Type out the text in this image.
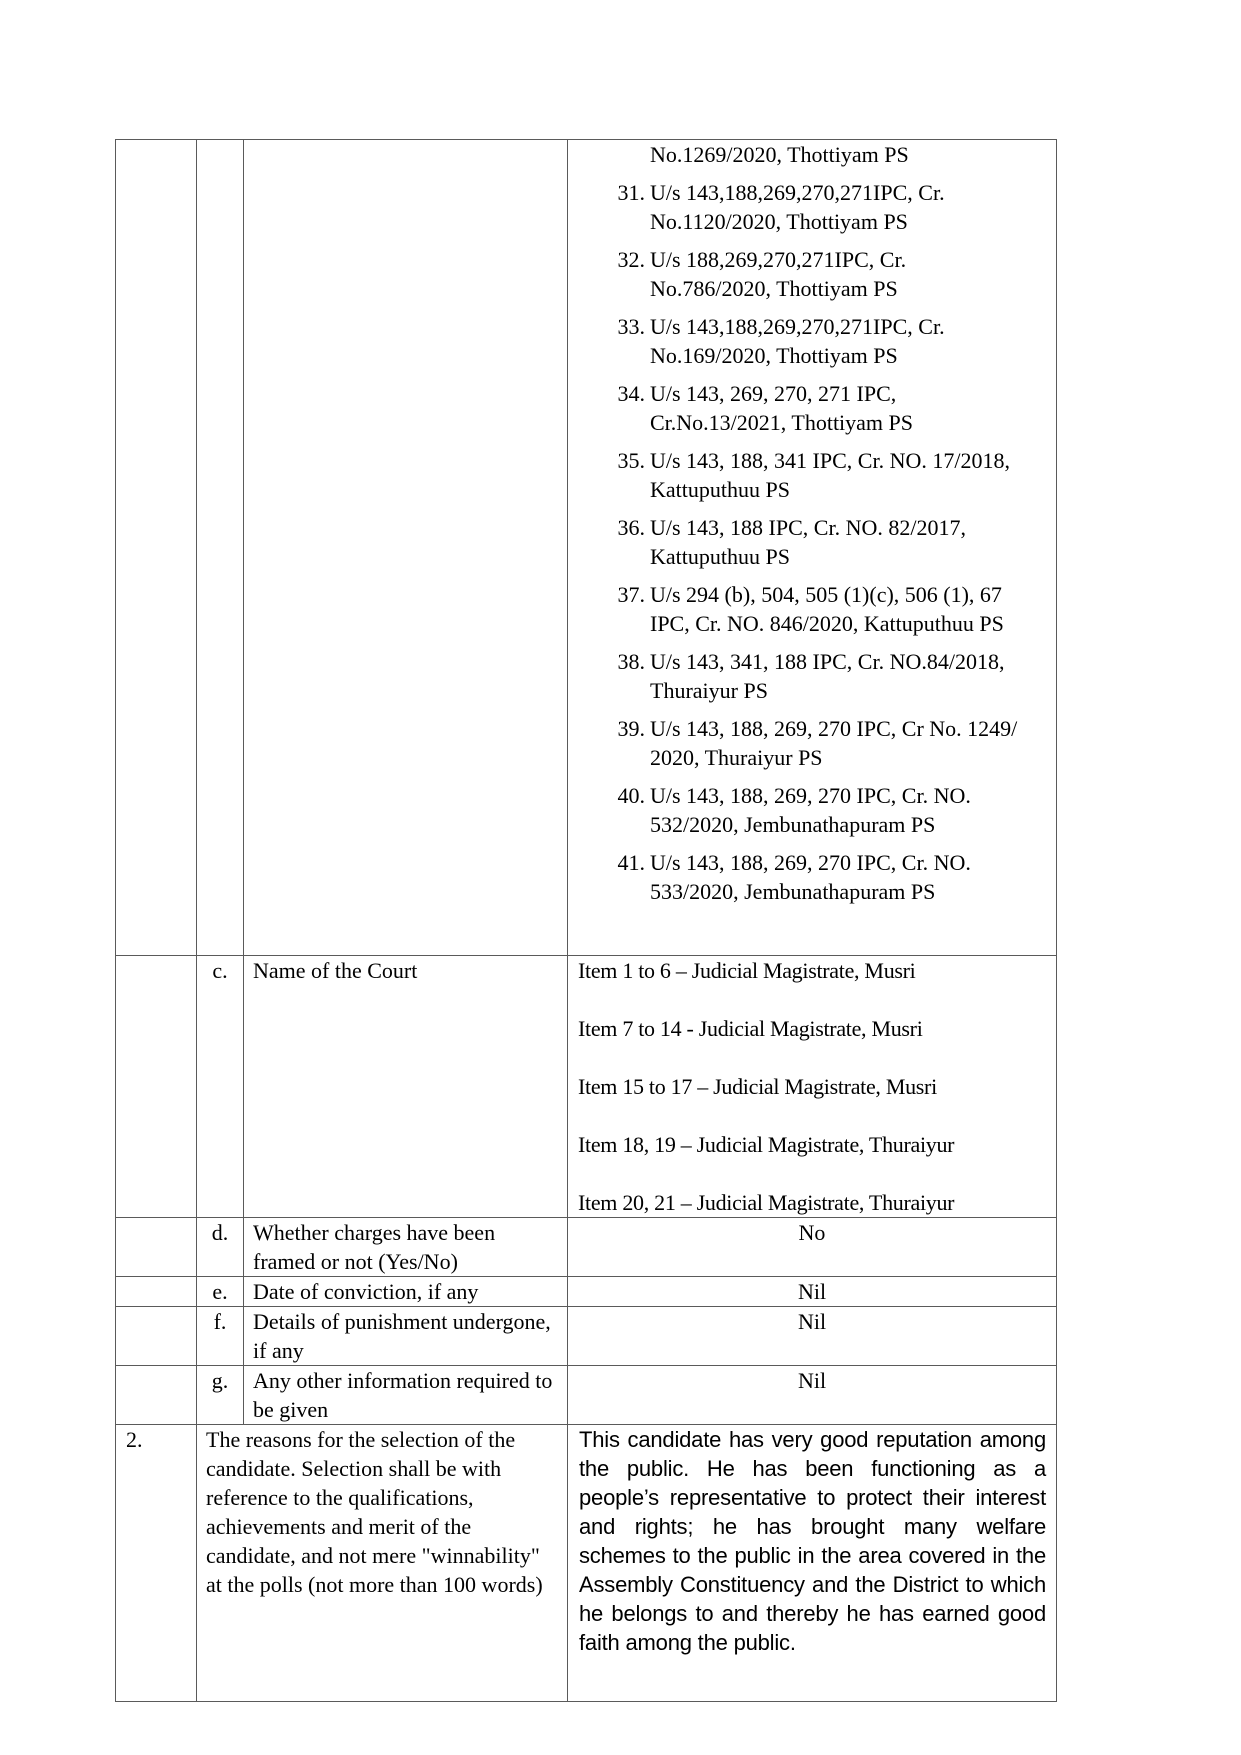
No.1269/2020, Thottiyam PS
31. U/s 143,188,269,270,271IPC, Cr. No.1120/2020, Thottiyam PS
32. U/s 188,269,270,271IPC, Cr. No.786/2020, Thottiyam PS
33. U/s 143,188,269,270,271IPC, Cr. No.169/2020, Thottiyam PS
34. U/s 143, 269, 270, 271 IPC, Cr.No.13/2021, Thottiyam PS
35. U/s 143, 188, 341 IPC, Cr. NO. 17/2018, Kattuputhuu PS
36. U/s 143, 188 IPC, Cr. NO. 82/2017, Kattuputhuu PS
37. U/s 294 (b), 504, 505 (1)(c), 506 (1), 67 IPC, Cr. NO. 846/2020, Kattuputhuu PS
38. U/s 143, 341, 188 IPC, Cr. NO.84/2018, Thuraiyur PS
39. U/s 143, 188, 269, 270 IPC, Cr No. 1249/ 2020, Thuraiyur PS
40. U/s 143, 188, 269, 270 IPC, Cr. NO. 532/2020, Jembunathapuram PS
41. U/s 143, 188, 269, 270 IPC, Cr. NO. 533/2020, Jembunathapuram PS

	c.	Name of the Court	Item 1 to 6 – Judicial Magistrate, Musri
Item 7 to 14 - Judicial Magistrate, Musri
Item 15 to 17 – Judicial Magistrate, Musri
Item 18, 19 – Judicial Magistrate, Thuraiyur
Item 20, 21 – Judicial Magistrate, Thuraiyur

	d.	Whether charges have been framed or not (Yes/No)	No
	e.	Date of conviction, if any	Nil
	f.	Details of punishment undergone, if any	Nil
	g.	Any other information required to be given	Nil
2.	The reasons for the selection of the candidate. Selection shall be with reference to the qualifications, achievements and merit of the candidate, and not mere "winnability" at the polls (not more than 100 words)	This candidate has very good reputation among the public. He has been functioning as a people’s representative to protect their interest and rights; he has brought many welfare schemes to the public in the area covered in the Assembly Constituency and the District to which he belongs to and thereby he has earned good faith among the public.
